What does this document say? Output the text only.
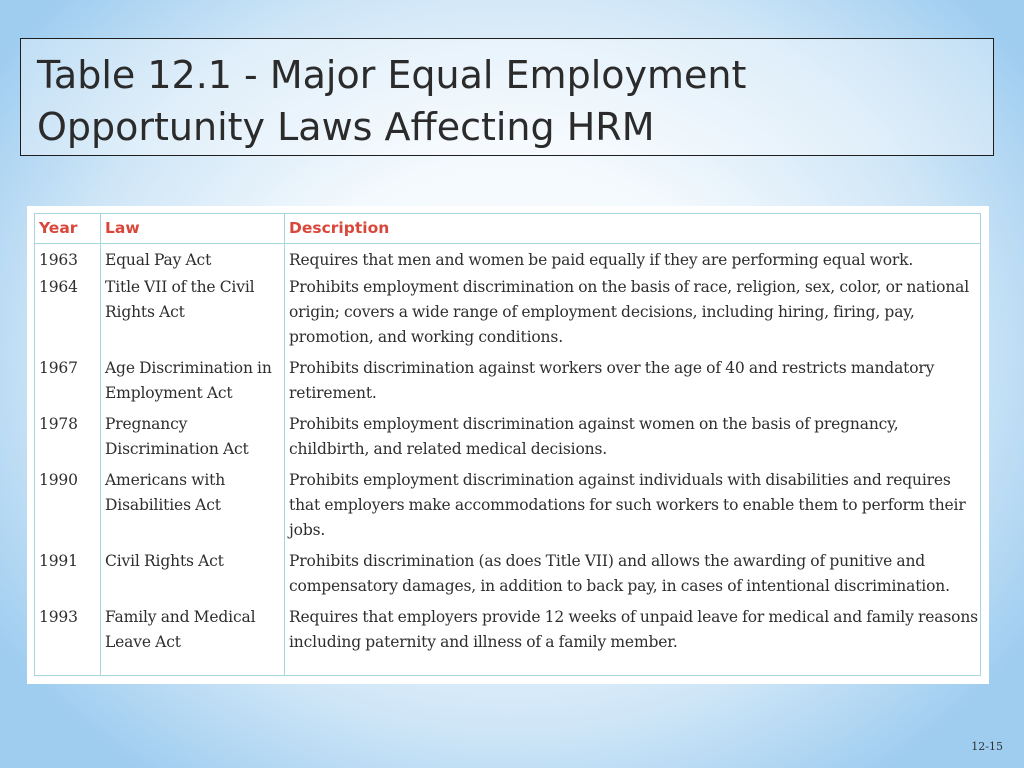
Table 12.1 - Major Equal Employment
Opportunity Laws Affecting HRM
Year	Law	Description
1963	Equal Pay Act	Requires that men and women be paid equally if they are performing equal work.
1964	Title VII of the Civil Rights Act	Prohibits employment discrimination on the basis of race, religion, sex, color, or national origin; covers a wide range of employment decisions, including hiring, firing, pay, promotion, and working conditions.
1967	Age Discrimination in Employment Act	Prohibits discrimination against workers over the age of 40 and restricts mandatory retirement.
1978	Pregnancy Discrimination Act	Prohibits employment discrimination against women on the basis of pregnancy, childbirth, and related medical decisions.
1990	Americans with Disabilities Act	Prohibits employment discrimination against individuals with disabilities and requires that employers make accommodations for such workers to enable them to perform their jobs.
1991	Civil Rights Act	Prohibits discrimination (as does Title VII) and allows the awarding of punitive and compensatory damages, in addition to back pay, in cases of intentional discrimination.
1993	Family and Medical Leave Act	Requires that employers provide 12 weeks of unpaid leave for medical and family reasons including paternity and illness of a family member.
12-15
